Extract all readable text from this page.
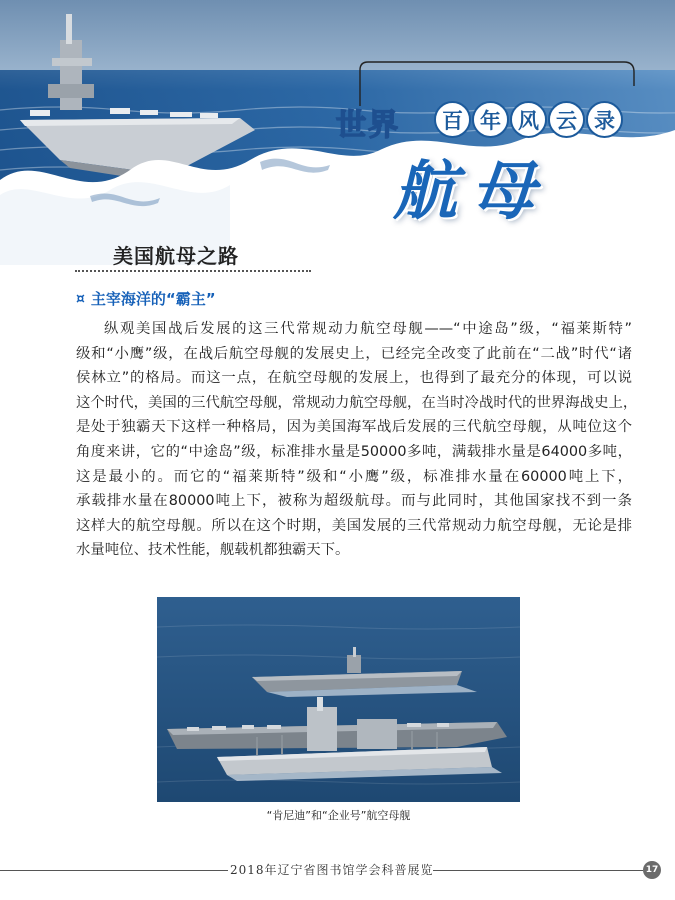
世界	百 年 风 云 录
航母
美国航母之路
¤ 主宰海洋的“霸主”
纵观美国战后发展的这三代常规动力航空母舰——“中途岛”级，“福莱斯特”
级和“小鹰”级，在战后航空母舰的发展史上，已经完全改变了此前在“二战”时代“诸
侯林立”的格局。而这一点，在航空母舰的发展上，也得到了最充分的体现，可以说
这个时代，美国的三代航空母舰，常规动力航空母舰，在当时冷战时代的世界海战史上，
是处于独霸天下这样一种格局，因为美国海军战后发展的三代航空母舰，从吨位这个
角度来讲，它的“中途岛”级，标准排水量是50000多吨，满载排水量是64000多吨，
这是最小的。而它的“福莱斯特”级和“小鹰”级，标准排水量在60000吨上下，
承载排水量在80000吨上下，被称为超级航母。而与此同时，其他国家找不到一条
这样大的航空母舰。所以在这个时期，美国发展的三代常规动力航空母舰，无论是排
水量吨位、技术性能，舰载机都独霸天下。
“肯尼迪”和“企业号”航空母舰
2018年辽宁省图书馆学会科普展览	17
